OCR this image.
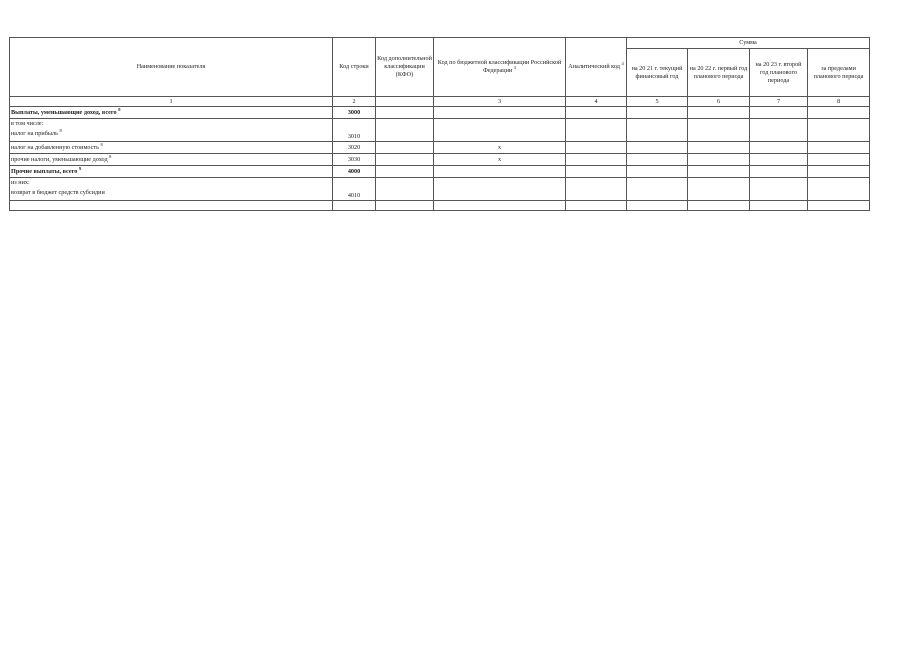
Наименование показателя	Код строки	Код дополнительной классификации (КФО)	Код по бюджетной классификации Российской Федерации $^3$	Аналитический код $^4$	Сумма			
					на 20 21 г. текущий финансовый год	на 20 22 г. первый год планового периода	на 20 23 г. второй год планового периода	за пределами планового периода
1	2		3	4	5	6	7	8
Выплаты, уменьшающие доход, всего $^8$	3000							
в том числе:
налог на прибыль $^8$	3010							
налог на добавленную стоимость $^8$	3020		x					
прочие налоги, уменьшающие доход $^8$	3030		x					
Прочие выплаты, всего $^9$	4000							
из них:
возврат в бюджет средств субсидии	4010							
